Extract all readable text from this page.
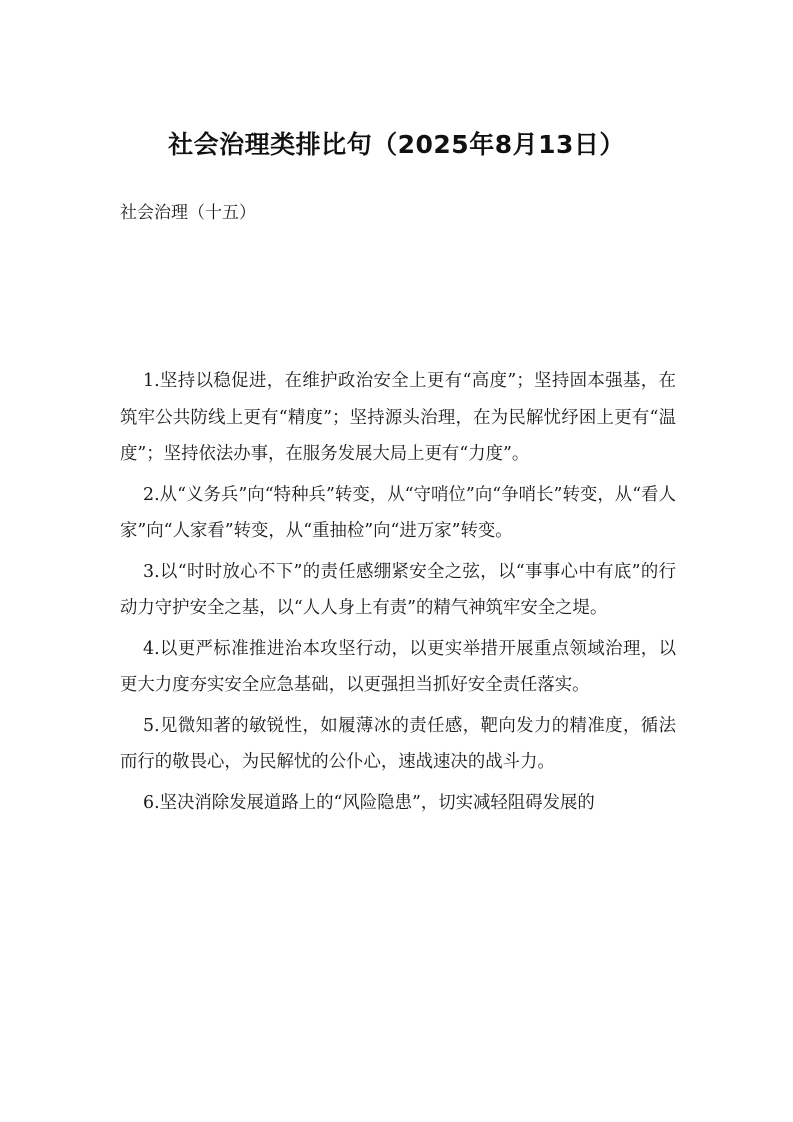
社会治理类排比句（2025年8月13日）

社会治理（十五）

1.坚持以稳促进，在维护政治安全上更有“高度”；坚持固本强基，在筑牢公共防线上更有“精度”；坚持源头治理，在为民解忧纾困上更有“温度”；坚持依法办事，在服务发展大局上更有“力度”。

2.从“义务兵”向“特种兵”转变，从“守哨位”向“争哨长”转变，从“看人家”向“人家看”转变，从“重抽检”向“进万家”转变。

3.以“时时放心不下”的责任感绷紧安全之弦，以“事事心中有底”的行动力守护安全之基，以“人人身上有责”的精气神筑牢安全之堤。

4.以更严标准推进治本攻坚行动，以更实举措开展重点领域治理，以更大力度夯实安全应急基础，以更强担当抓好安全责任落实。

5.见微知著的敏锐性，如履薄冰的责任感，靶向发力的精准度，循法而行的敬畏心，为民解忧的公仆心，速战速决的战斗力。

6.坚决消除发展道路上的“风险隐患”，切实减轻阻碍发展的
